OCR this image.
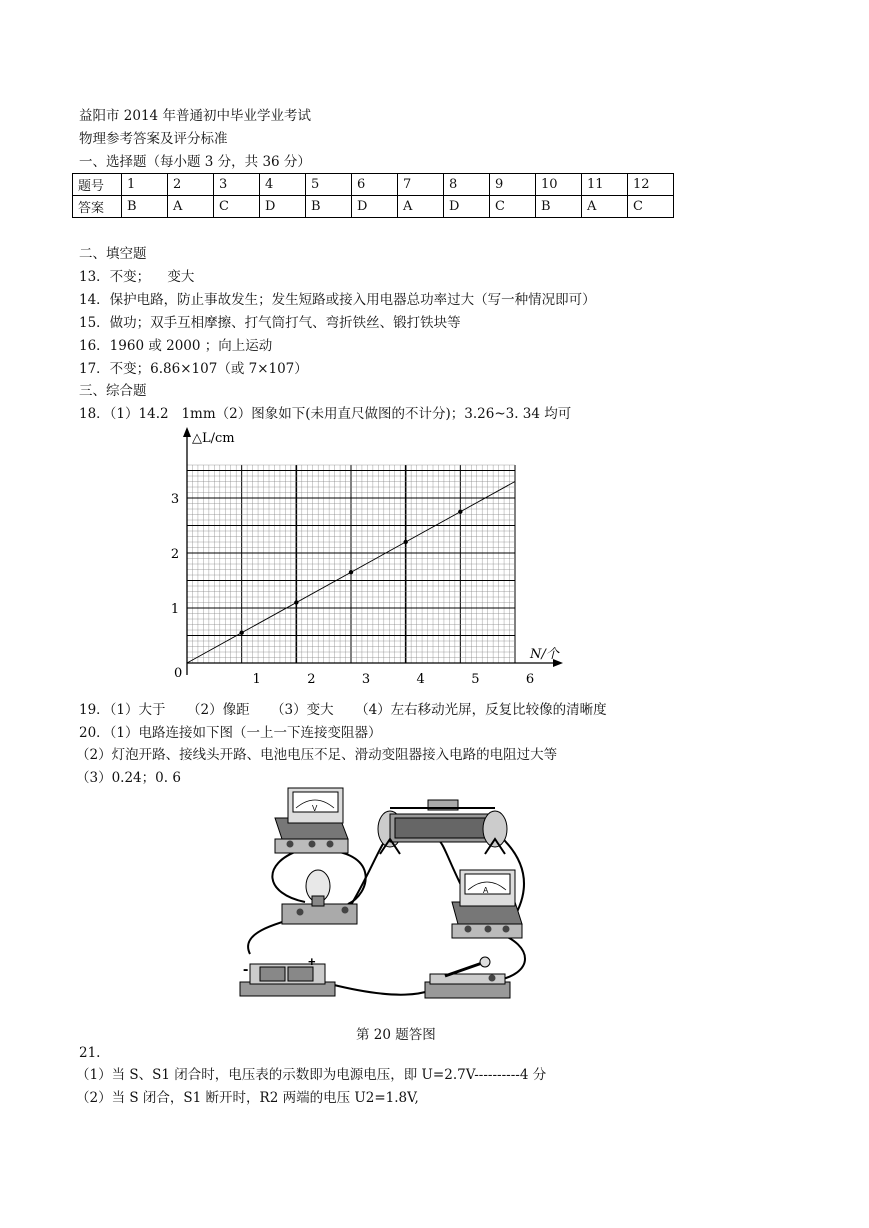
益阳市 2014 年普通初中毕业学业考试
物理参考答案及评分标准
一、选择题（每小题 3 分，共 36 分）
题号	1	2	3	4	5	6	7	8	9	10	11	12
答案	B	A	C	D	B	D	A	D	C	B	A	C
二、填空题
13．不变；    变大
14．保护电路，防止事故发生；发生短路或接入用电器总功率过大（写一种情况即可）
15．做功；双手互相摩擦、打气筒打气、弯折铁丝、锻打铁块等
16．1960 或 2000 ；向上运动
17．不变；6.86×107（或 7×107）
三、综合题
18．（1）14.2   1mm（2）图象如下(未用直尺做图的不计分)；3.26~3. 34 均可
△L/cm
N/个
0	1	2	3	4	5	6
1
2
3
19．（1）大于     （2）像距     （3）变大     （4）左右移动光屏，反复比较像的清晰度
20．（1）电路连接如下图（一上一下连接变阻器）
（2）灯泡开路、接线头开路、电池电压不足、滑动变阻器接入电路的电阻过大等
（3）0.24；0. 6
V
A
-	+
第 20 题答图
21.
（1）当 S、S1 闭合时，电压表的示数即为电源电压，即 U=2.7V----------4 分
（2）当 S 闭合，S1 断开时，R2 两端的电压 U2=1.8V,
